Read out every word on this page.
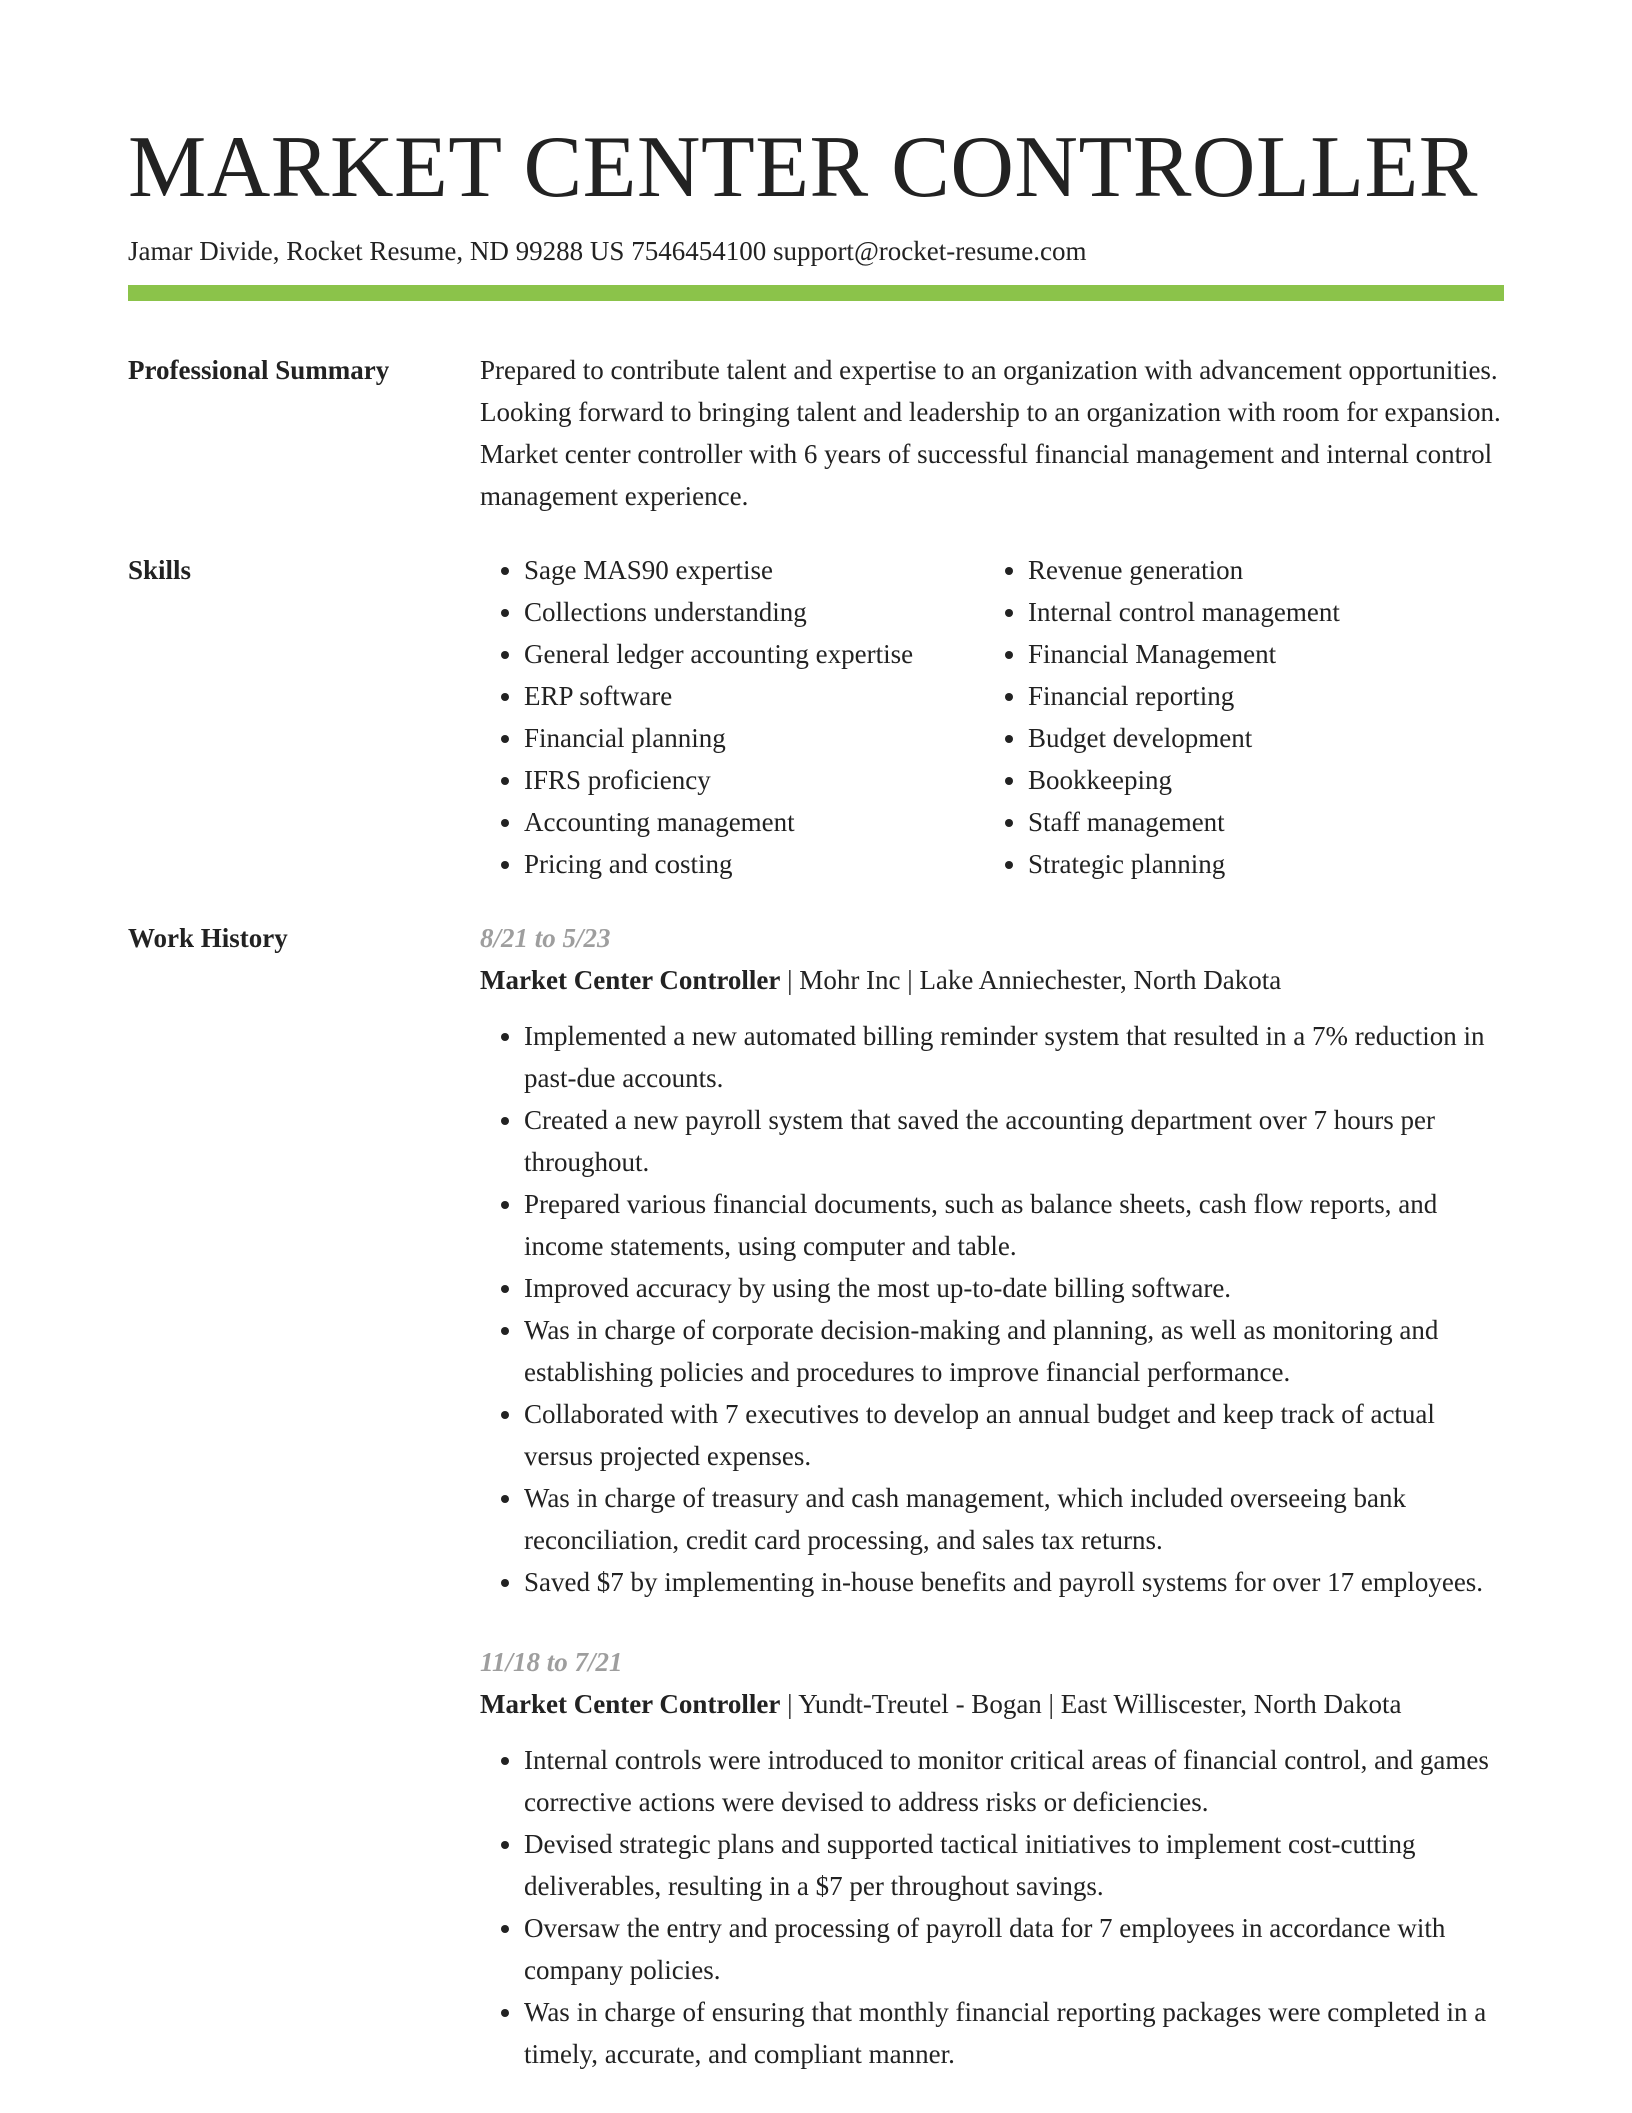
MARKET CENTER CONTROLLER
Jamar Divide, Rocket Resume, ND 99288 US 7546454100 support@rocket-resume.com
Professional Summary	Prepared to contribute talent and expertise to an organization with advancement opportunities. Looking forward to bringing talent and leadership to an organization with room for expansion. Market center controller with 6 years of successful financial management and internal control management experience.

Skills
•	Sage MAS90 expertise
• Collections understanding
• General ledger accounting expertise
• ERP software
• Financial planning
• IFRS proficiency
• Accounting management
• Pricing and costing
• Revenue generation
• Internal control management
• Financial Management
• Financial reporting
• Budget development
• Bookkeeping
• Staff management
• Strategic planning
Work History	8/21 to 5/23
Market Center Controller | Mohr Inc | Lake Anniechester, North Dakota
• Implemented a new automated billing reminder system that resulted in a 7% reduction in past-due accounts.
• Created a new payroll system that saved the accounting department over 7 hours per throughout.
• Prepared various financial documents, such as balance sheets, cash flow reports, and income statements, using computer and table.
• Improved accuracy by using the most up-to-date billing software.
• Was in charge of corporate decision-making and planning, as well as monitoring and establishing policies and procedures to improve financial performance.
• Collaborated with 7 executives to develop an annual budget and keep track of actual versus projected expenses.
• Was in charge of treasury and cash management, which included overseeing bank reconciliation, credit card processing, and sales tax returns.
• Saved $7 by implementing in-house benefits and payroll systems for over 17 employees.
11/18 to 7/21
Market Center Controller | Yundt-Treutel - Bogan | East Williscester, North Dakota
• Internal controls were introduced to monitor critical areas of financial control, and games corrective actions were devised to address risks or deficiencies.
• Devised strategic plans and supported tactical initiatives to implement cost-cutting deliverables, resulting in a $7 per throughout savings.
• Oversaw the entry and processing of payroll data for 7 employees in accordance with company policies.
• Was in charge of ensuring that monthly financial reporting packages were completed in a timely, accurate, and compliant manner.
